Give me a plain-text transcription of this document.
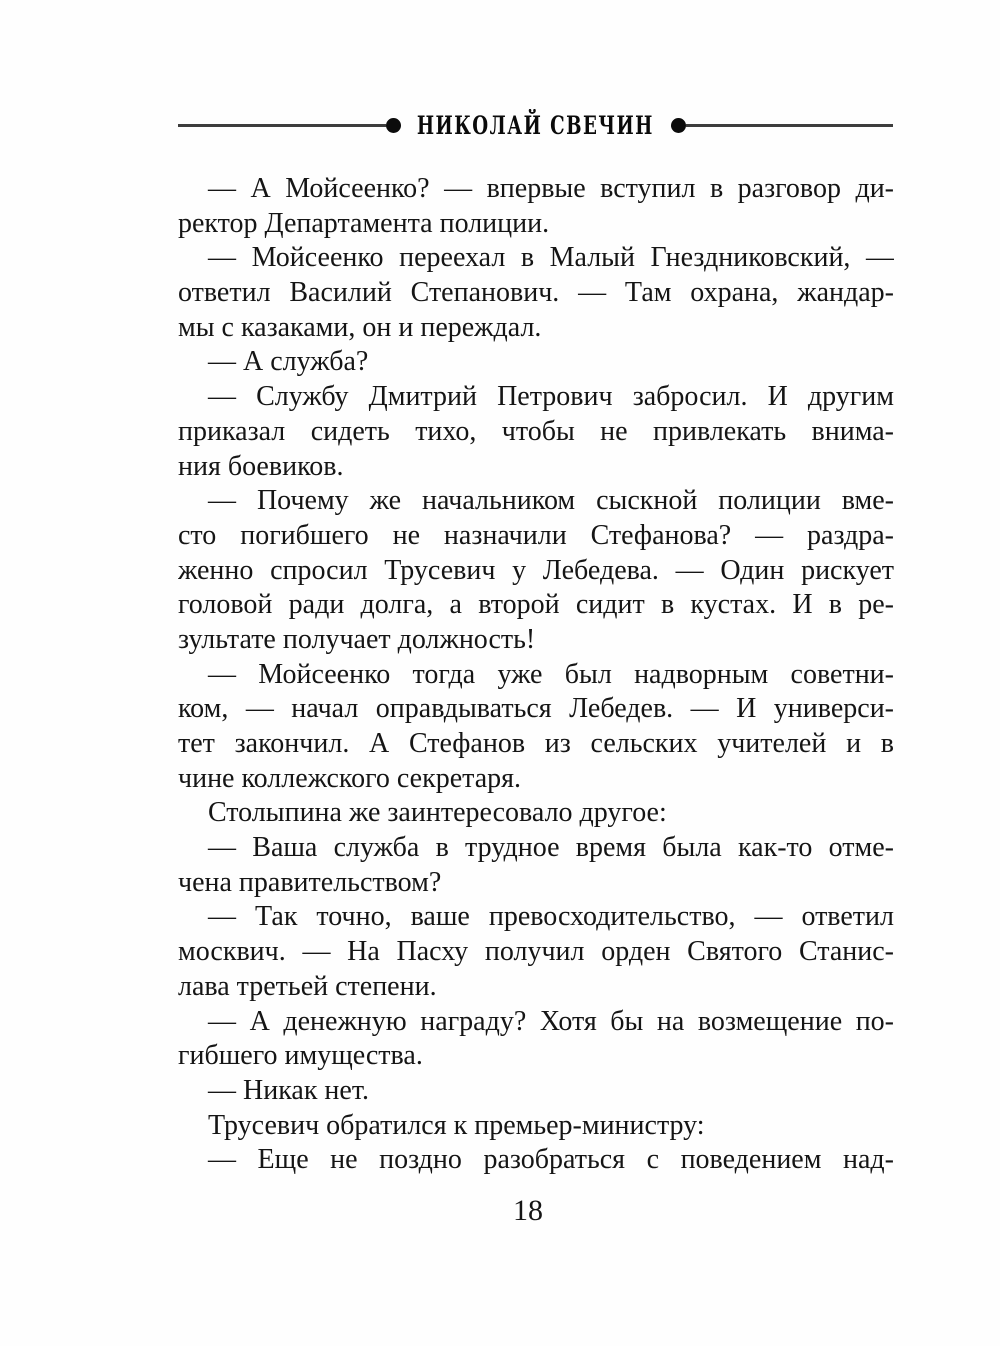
НИКОЛАЙ СВЕЧИН
— А Мойсеенко? — впервые вступил в разговор ди-
ректор Департамента полиции.
— Мойсеенко переехал в Малый Гнездниковский, —
ответил Василий Степанович. — Там охрана, жандар-
мы с казаками, он и переждал.
— А служба?
— Службу Дмитрий Петрович забросил. И другим
приказал сидеть тихо, чтобы не привлекать внима-
ния боевиков.
— Почему же начальником сыскной полиции вме-
сто погибшего не назначили Стефанова? — раздра-
женно спросил Трусевич у Лебедева. — Один рискует
головой ради долга, а второй сидит в кустах. И в ре-
зультате получает должность!
— Мойсеенко тогда уже был надворным советни-
ком, — начал оправдываться Лебедев. — И универси-
тет закончил. А Стефанов из сельских учителей и в
чине коллежского секретаря.
Столыпина же заинтересовало другое:
— Ваша служба в трудное время была как-то отме-
чена правительством?
— Так точно, ваше превосходительство, — ответил
москвич. — На Пасху получил орден Святого Станис-
лава третьей степени.
— А денежную награду? Хотя бы на возмещение по-
гибшего имущества.
— Никак нет.
Трусевич обратился к премьер-министру:
— Еще не поздно разобраться с поведением над-
18
